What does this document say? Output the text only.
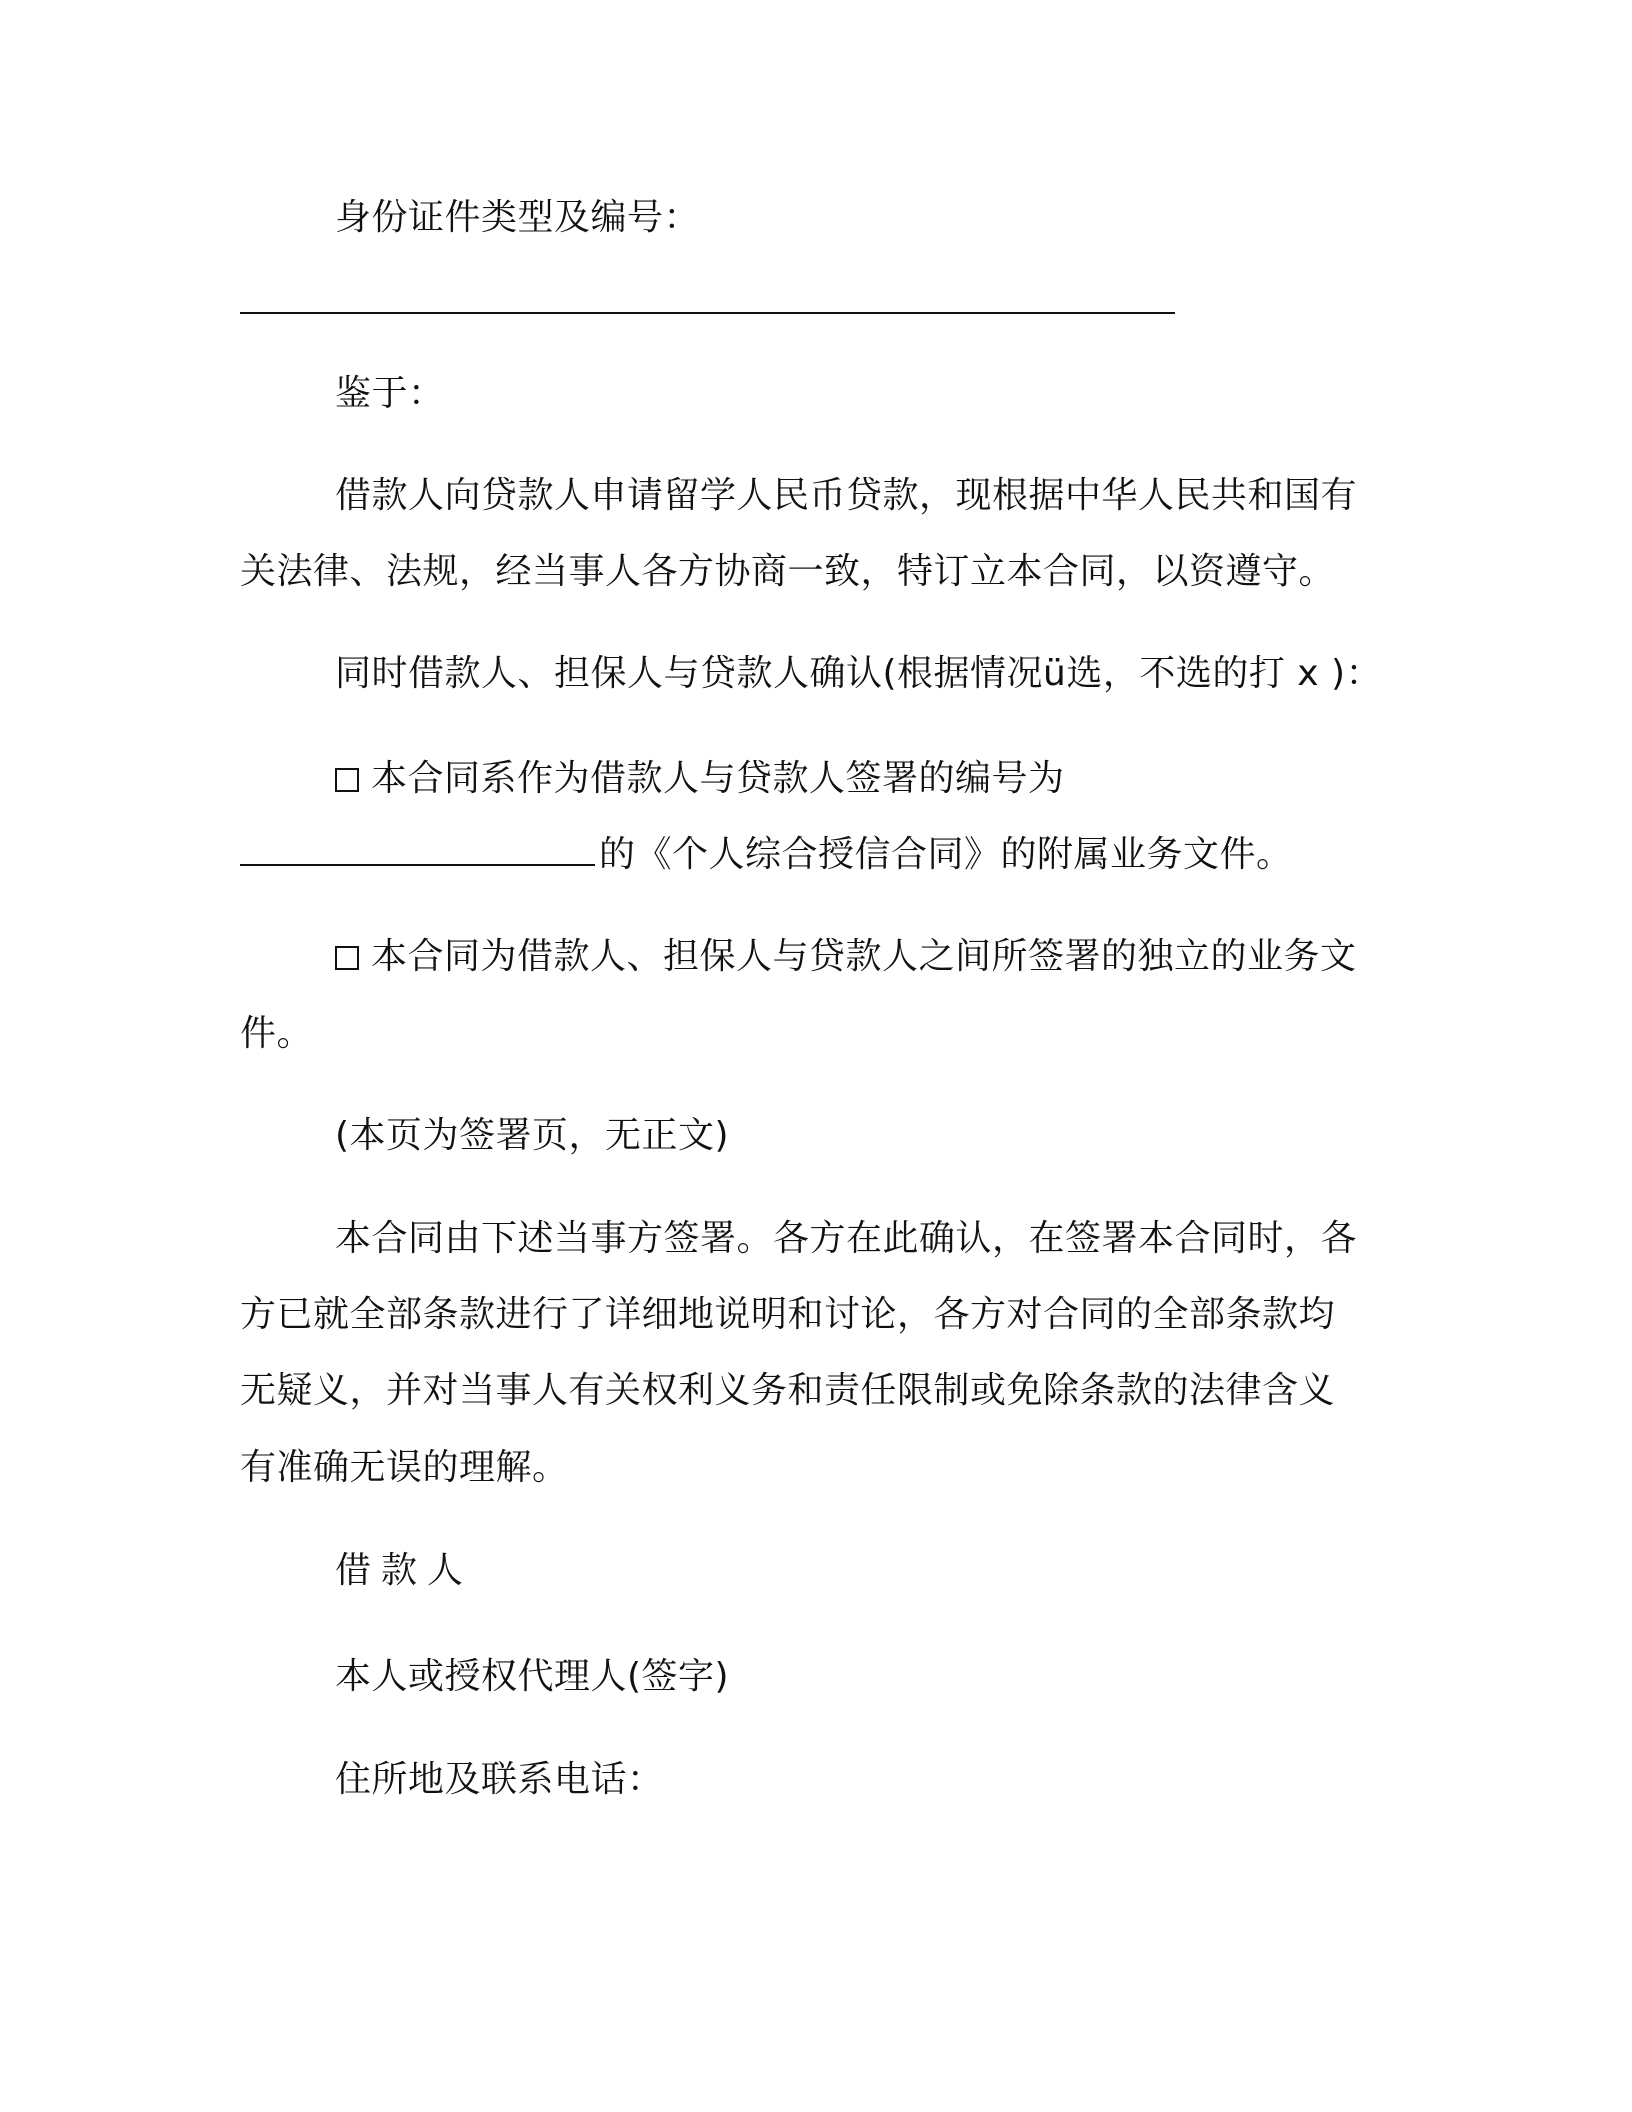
身份证件类型及编号：
鉴于：
借款人向贷款人申请留学人民币贷款，现根据中华人民共和国有
关法律、法规，经当事人各方协商一致，特订立本合同，以资遵守。
同时借款人、担保人与贷款人确认(根据情况ü选，不选的打 x )：
本合同系作为借款人与贷款人签署的编号为
的《个人综合授信合同》的附属业务文件。
本合同为借款人、担保人与贷款人之间所签署的独立的业务文
件。
(本页为签署页，无正文)
本合同由下述当事方签署。各方在此确认，在签署本合同时，各
方已就全部条款进行了详细地说明和讨论，各方对合同的全部条款均
无疑义，并对当事人有关权利义务和责任限制或免除条款的法律含义
有准确无误的理解。
借款人
本人或授权代理人(签字)
住所地及联系电话：
